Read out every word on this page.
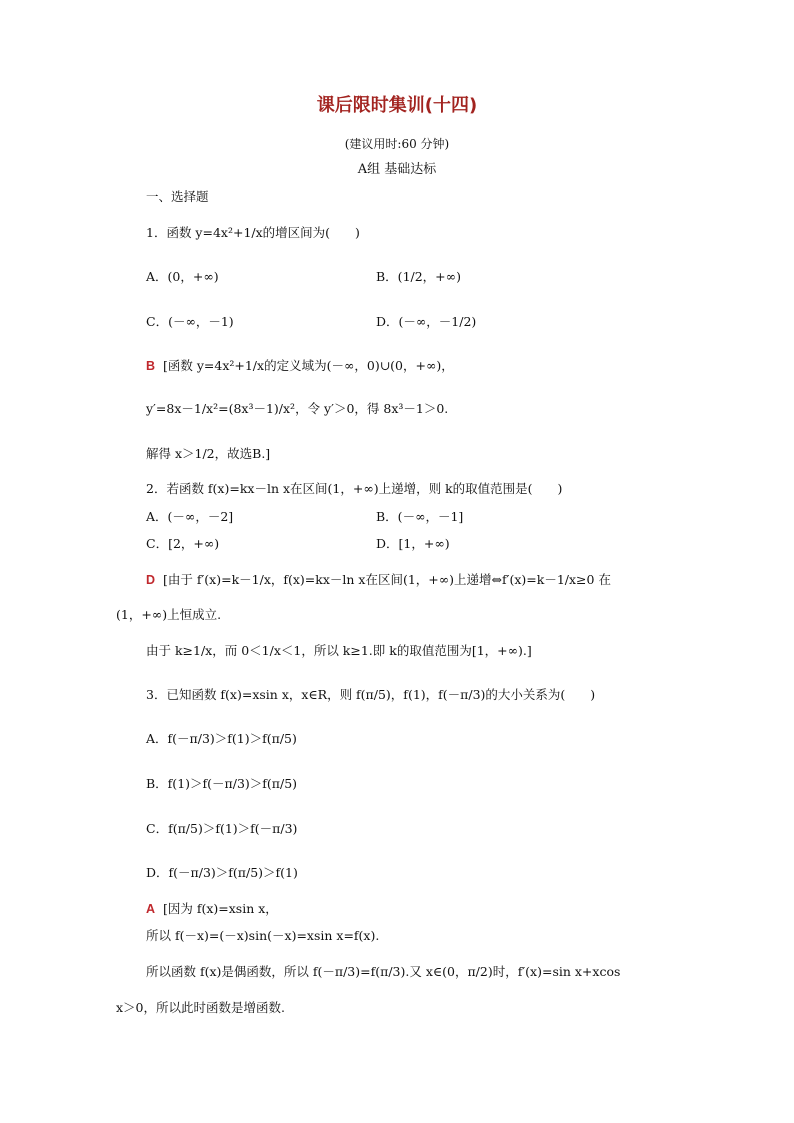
课后限时集训(十四)
(建议用时:60 分钟)
A组 基础达标
一、选择题
1．函数 y=4x²+1/x的增区间为(　　)
A．(0，+∞)	B．(1/2，+∞)
C．(－∞，－1)	D．(－∞，－1/2)
B [函数 y=4x²+1/x的定义域为(－∞，0)∪(0，+∞)，
y′=8x－1/x²=(8x³－1)/x²，令 y′＞0，得 8x³－1＞0.
解得 x＞1/2，故选B.]
2．若函数 f(x)=kx－ln x在区间(1，+∞)上递增，则 k的取值范围是(　　)
A．(－∞，－2]	B．(－∞，－1]
C．[2，+∞)	D．[1，+∞)
D [由于 f′(x)=k－1/x，f(x)=kx－ln x在区间(1，+∞)上递增⇔f′(x)=k－1/x≥0 在
(1，+∞)上恒成立.
由于 k≥1/x，而 0＜1/x＜1，所以 k≥1.即 k的取值范围为[1，+∞).]
3．已知函数 f(x)=xsin x，x∈R，则 f(π/5)，f(1)，f(－π/3)的大小关系为(　　)
A．f(－π/3)＞f(1)＞f(π/5)
B．f(1)＞f(－π/3)＞f(π/5)
C．f(π/5)＞f(1)＞f(－π/3)
D．f(－π/3)＞f(π/5)＞f(1)
A [因为 f(x)=xsin x，
所以 f(－x)=(－x)sin(－x)=xsin x=f(x).
所以函数 f(x)是偶函数，所以 f(－π/3)=f(π/3).又 x∈(0，π/2)时，f′(x)=sin x+xcos
x＞0，所以此时函数是增函数.
